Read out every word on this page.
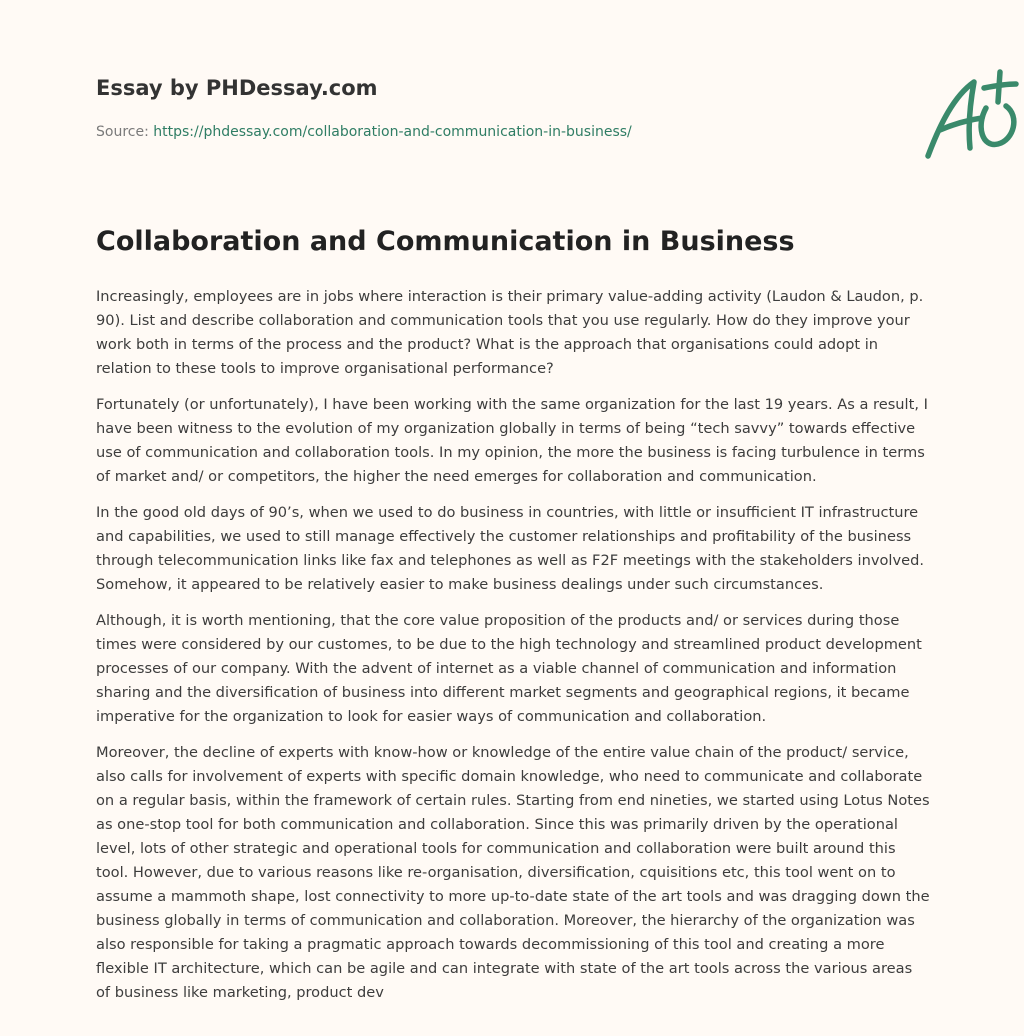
Essay by PHDessay.com
Source: https://phdessay.com/collaboration-and-communication-in-business/
Collaboration and Communication in Business

Increasingly, employees are in jobs where interaction is their primary value-adding activity (Laudon & Laudon, p. 90). List and describe collaboration and communication tools that you use regularly. How do they improve your work both in terms of the process and the product? What is the approach that organisations could adopt in relation to these tools to improve organisational performance?

Fortunately (or unfortunately), I have been working with the same organization for the last 19 years. As a result, I have been witness to the evolution of my organization globally in terms of being “tech savvy” towards effective use of communication and collaboration tools. In my opinion, the more the business is facing turbulence in terms of market and/ or competitors, the higher the need emerges for collaboration and communication.

In the good old days of 90’s, when we used to do business in countries, with little or insufficient IT infrastructure and capabilities, we used to still manage effectively the customer relationships and profitability of the business through telecommunication links like fax and telephones as well as F2F meetings with the stakeholders involved. Somehow, it appeared to be relatively easier to make business dealings under such circumstances.

Although, it is worth mentioning, that the core value proposition of the products and/ or services during those times were considered by our customes, to be due to the high technology and streamlined product development processes of our company. With the advent of internet as a viable channel of communication and information sharing and the diversification of business into different market segments and geographical regions, it became imperative for the organization to look for easier ways of communication and collaboration.

Moreover, the decline of experts with know-how or knowledge of the entire value chain of the product/ service, also calls for involvement of experts with specific domain knowledge, who need to communicate and collaborate on a regular basis, within the framework of certain rules. Starting from end nineties, we started using Lotus Notes as one-stop tool for both communication and collaboration. Since this was primarily driven by the operational level, lots of other strategic and operational tools for communication and collaboration were built around this tool. However, due to various reasons like re-organisation, diversification, cquisitions etc, this tool went on to assume a mammoth shape, lost connectivity to more up-to-date state of the art tools and was dragging down the business globally in terms of communication and collaboration. Moreover, the hierarchy of the organization was also responsible for taking a pragmatic approach towards decommissioning of this tool and creating a more flexible IT architecture, which can be agile and can integrate with state of the art tools across the various areas of business like marketing, product dev
